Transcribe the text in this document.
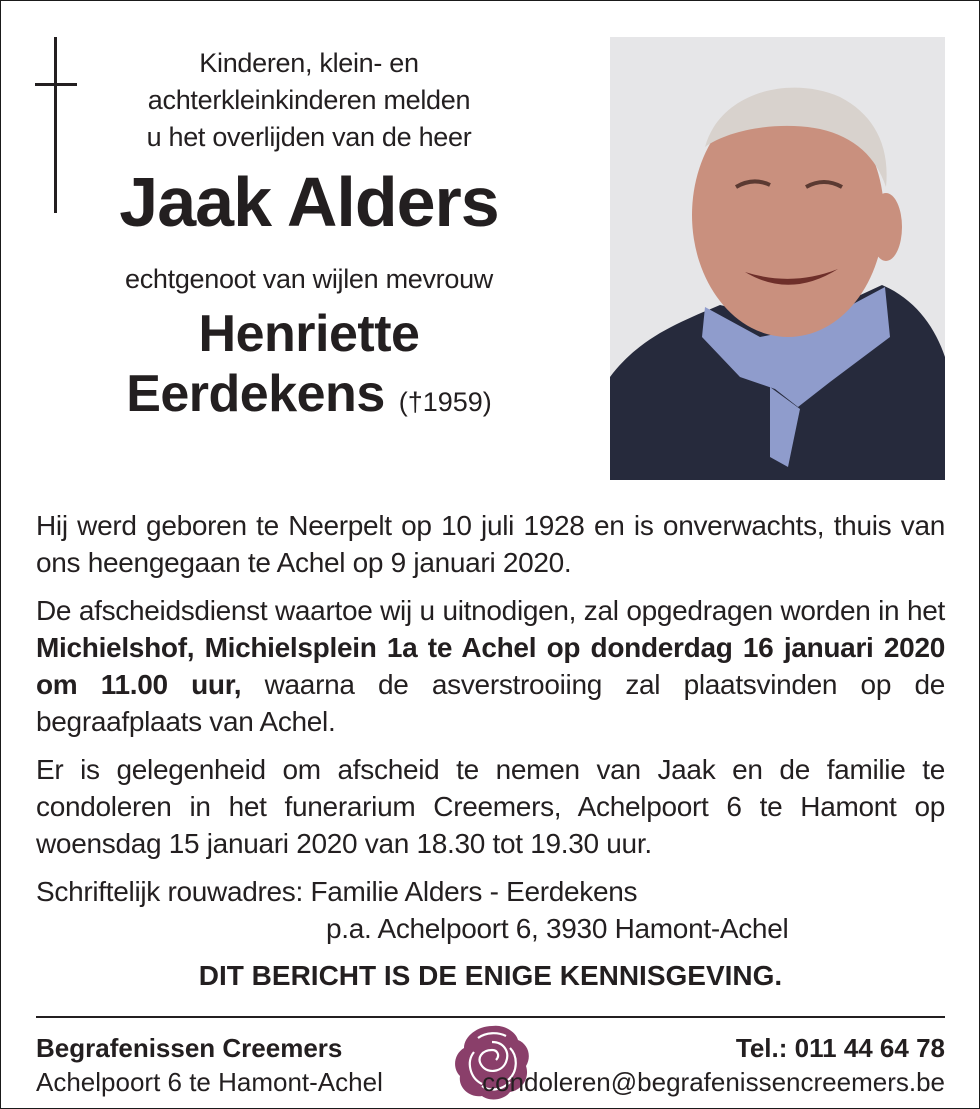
Kinderen, klein- en

achterkleinkinderen melden

u het overlijden van de heer

Jaak Alders

echtgenoot van wijlen mevrouw

Henriette

Eerdekens (†1959)

Hij werd geboren te Neerpelt op 10 juli 1928 en is onverwachts, thuis van ons heengegaan te Achel op 9 januari 2020.

De afscheidsdienst waartoe wij u uitnodigen, zal opgedragen worden in het Michielshof, Michielsplein 1a te Achel op donderdag 16 januari 2020 om 11.00 uur, waarna de asverstrooiing zal plaatsvinden op de begraafplaats van Achel.

Er is gelegenheid om afscheid te nemen van Jaak en de familie te condoleren in het funerarium Creemers, Achelpoort 6 te Hamont op woensdag 15 januari 2020 van 18.30 tot 19.30 uur.

Schriftelijk rouwadres: Familie Alders - Eerdekens

p.a. Achelpoort 6, 3930 Hamont-Achel

DIT BERICHT IS DE ENIGE KENNISGEVING.

Begrafenissen Creemers
Achelpoort 6 te Hamont-Achel
Tel.: 011 44 64 78
condoleren@begrafenissencreemers.be
